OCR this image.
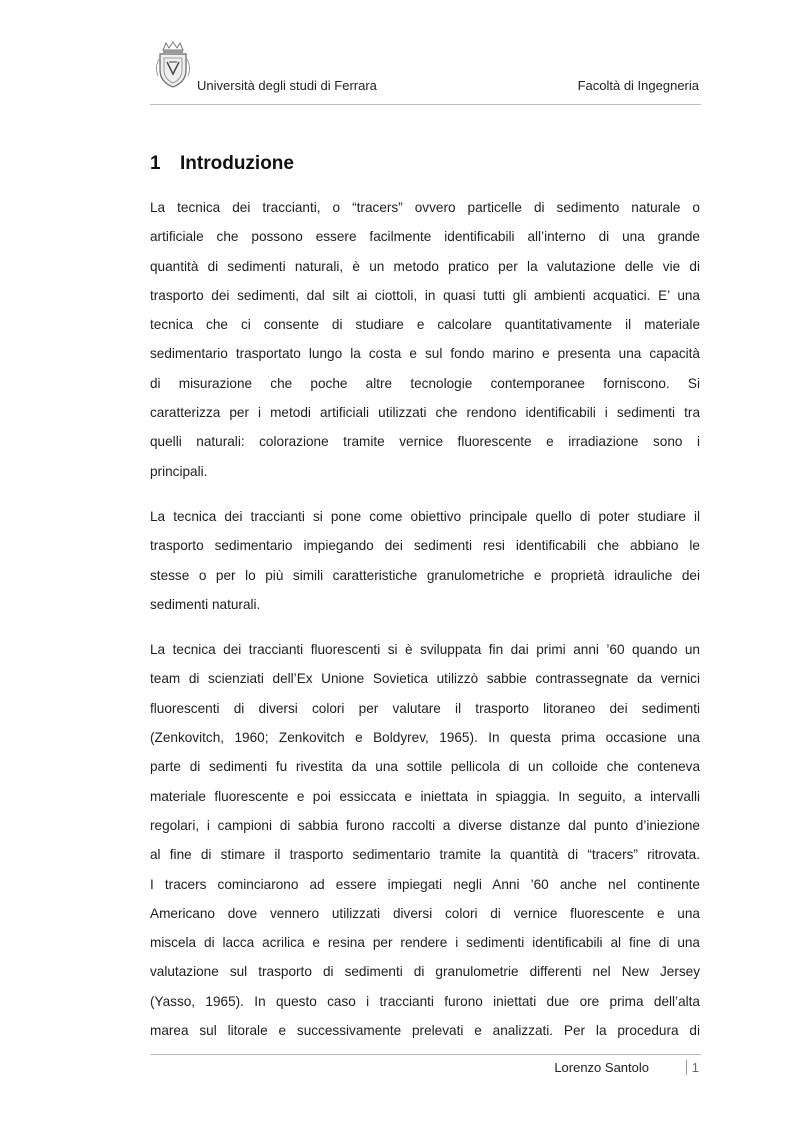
Università degli studi di Ferrara	Facoltà di Ingegneria
1 Introduzione

La tecnica dei traccianti, o “tracers” ovvero particelle di sedimento naturale o
artificiale che possono essere facilmente identificabili all’interno di una grande
quantità di sedimenti naturali, è un metodo pratico per la valutazione delle vie di
trasporto dei sedimenti, dal silt ai ciottoli, in quasi tutti gli ambienti acquatici. E’ una
tecnica che ci consente di studiare e calcolare quantitativamente il materiale
sedimentario trasportato lungo la costa e sul fondo marino e presenta una capacità
di misurazione che poche altre tecnologie contemporanee forniscono. Si
caratterizza per i metodi artificiali utilizzati che rendono identificabili i sedimenti tra
quelli naturali: colorazione tramite vernice fluorescente e irradiazione sono i
principali.

La tecnica dei traccianti si pone come obiettivo principale quello di poter studiare il
trasporto sedimentario impiegando dei sedimenti resi identificabili che abbiano le
stesse o per lo più simili caratteristiche granulometriche e proprietà idrauliche dei
sedimenti naturali.

La tecnica dei traccianti fluorescenti si è sviluppata fin dai primi anni ’60 quando un
team di scienziati dell’Ex Unione Sovietica utilizzò sabbie contrassegnate da vernici
fluorescenti di diversi colori per valutare il trasporto litoraneo dei sedimenti
(Zenkovitch, 1960; Zenkovitch e Boldyrev, 1965). In questa prima occasione una
parte di sedimenti fu rivestita da una sottile pellicola di un colloide che conteneva
materiale fluorescente e poi essiccata e iniettata in spiaggia. In seguito, a intervalli
regolari, i campioni di sabbia furono raccolti a diverse distanze dal punto d’iniezione
al fine di stimare il trasporto sedimentario tramite la quantità di “tracers” ritrovata.
I tracers cominciarono ad essere impiegati negli Anni ’60 anche nel continente
Americano dove vennero utilizzati diversi colori di vernice fluorescente e una
miscela di lacca acrilica e resina per rendere i sedimenti identificabili al fine di una
valutazione sul trasporto di sedimenti di granulometrie differenti nel New Jersey
(Yasso, 1965). In questo caso i traccianti furono iniettati due ore prima dell’alta
marea sul litorale e successivamente prelevati e analizzati. Per la procedura di

Lorenzo Santolo	1
